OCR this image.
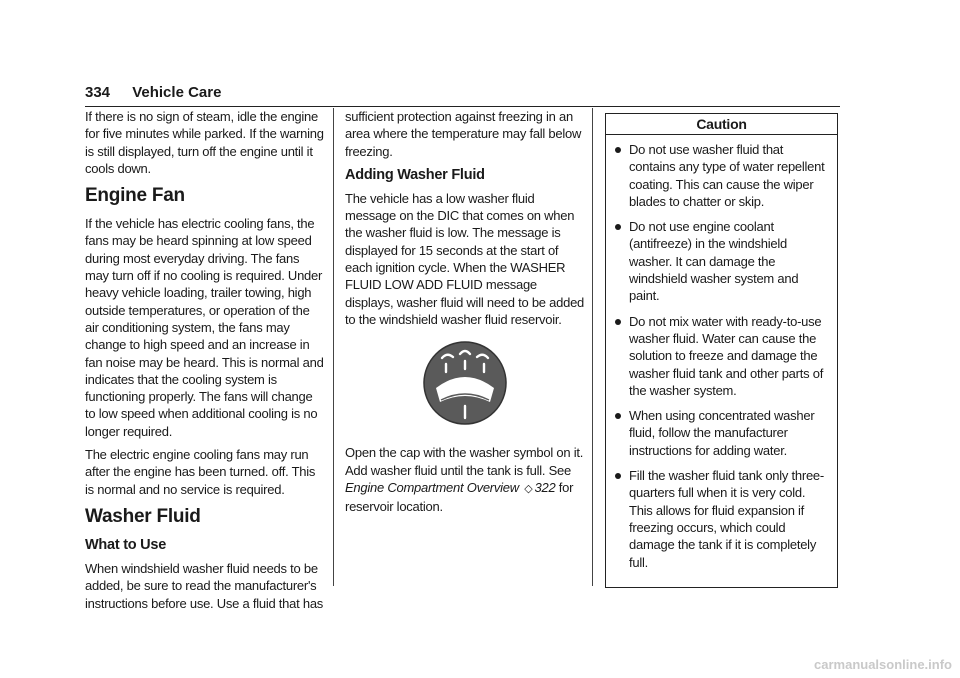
334 Vehicle Care

If there is no sign of steam, idle the engine for five minutes while parked. If the warning is still displayed, turn off the engine until it cools down.

Engine Fan

If the vehicle has electric cooling fans, the fans may be heard spinning at low speed during most everyday driving. The fans may turn off if no cooling is required. Under heavy vehicle loading, trailer towing, high outside temperatures, or operation of the air conditioning system, the fans may change to high speed and an increase in fan noise may be heard. This is normal and indicates that the cooling system is functioning properly. The fans will change to low speed when additional cooling is no longer required.

The electric engine cooling fans may run after the engine has been turned. off. This is normal and no service is required.

Washer Fluid
What to Use

When windshield washer fluid needs to be added, be sure to read the manufacturer's instructions before use. Use a fluid that has

sufficient protection against freezing in an area where the temperature may fall below freezing.

Adding Washer Fluid

The vehicle has a low washer fluid message on the DIC that comes on when the washer fluid is low. The message is displayed for 15 seconds at the start of each ignition cycle. When the WASHER FLUID LOW ADD FLUID message displays, washer fluid will need to be added to the windshield washer fluid reservoir.

Open the cap with the washer symbol on it. Add washer fluid until the tank is full. See Engine Compartment Overview ◇ 322 for reservoir location.

Caution
Do not use washer fluid that contains any type of water repellent coating. This can cause the wiper blades to chatter or skip.
Do not use engine coolant (antifreeze) in the windshield washer. It can damage the windshield washer system and paint.
Do not mix water with ready-to-use washer fluid. Water can cause the solution to freeze and damage the washer fluid tank and other parts of the washer system.
When using concentrated washer fluid, follow the manufacturer instructions for adding water.
Fill the washer fluid tank only three-quarters full when it is very cold. This allows for fluid expansion if freezing occurs, which could damage the tank if it is completely full.
carmanualsonline.info
